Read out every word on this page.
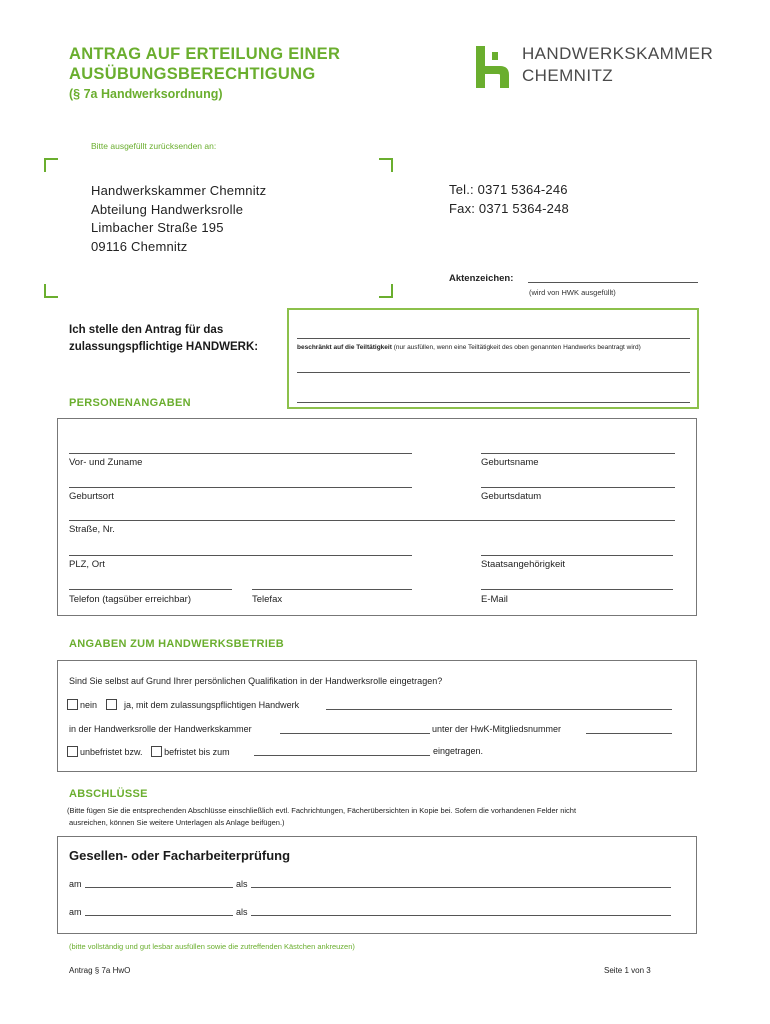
ANTRAG AUF ERTEILUNG EINER
AUSÜBUNGSBERECHTIGUNG
(§ 7a Handwerksordnung)
HANDWERKSKAMMER
CHEMNITZ
Bitte ausgefüllt zurücksenden an:
Handwerkskammer Chemnitz
Abteilung Handwerksrolle
Limbacher Straße 195
09116 Chemnitz
Tel.: 0371 5364-246
Fax: 0371 5364-248
Aktenzeichen:
(wird von HWK ausgefüllt)
Ich stelle den Antrag für das
zulassungspflichtige HANDWERK:	beschränkt auf die Teiltätigkeit (nur ausfüllen, wenn eine Teiltätigkeit des oben genannten Handwerks beantragt wird)
PERSONENANGABEN
Vor- und Zuname	Geburtsname
Geburtsort	Geburtsdatum
Straße, Nr.
PLZ, Ort	Staatsangehörigkeit
Telefon (tagsüber erreichbar)	Telefax	E-Mail
ANGABEN ZUM HANDWERKSBETRIEB
Sind Sie selbst auf Grund Ihrer persönlichen Qualifikation in der Handwerksrolle eingetragen?
nein	ja, mit dem zulassungspflichtigen Handwerk
in der Handwerksrolle der Handwerkskammer	unter der HwK-Mitgliedsnummer
unbefristet bzw. befristet bis zum	eingetragen.
ABSCHLÜSSE
(Bitte fügen Sie die entsprechenden Abschlüsse einschließlich evtl. Fachrichtungen, Fächerübersichten in Kopie bei. Sofern die vorhandenen Felder nicht
ausreichen, können Sie weitere Unterlagen als Anlage beifügen.)
Gesellen- oder Facharbeiterprüfung
am	als
am	als
(bitte vollständig und gut lesbar ausfüllen sowie die zutreffenden Kästchen ankreuzen)
Antrag § 7a HwO	Seite 1 von 3
